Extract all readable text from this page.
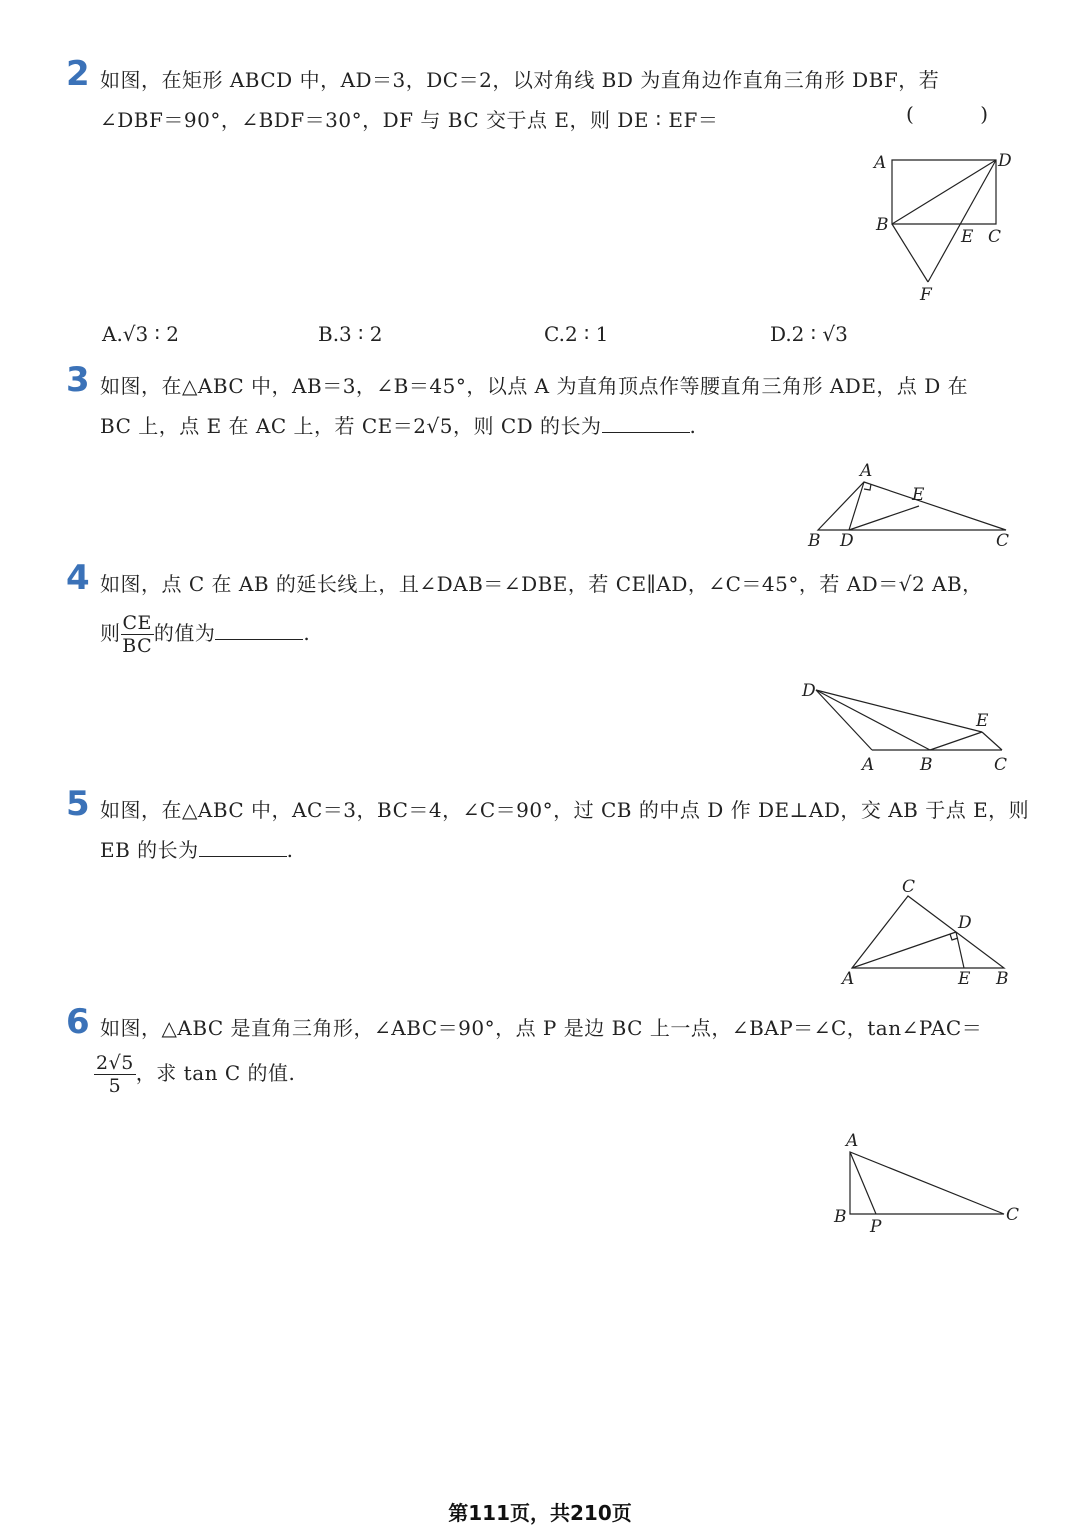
2 如图，在矩形 ABCD 中，AD＝3，DC＝2，以对角线 BD 为直角边作直角三角形 DBF，若
∠DBF＝90°，∠BDF＝30°，DF 与 BC 交于点 E，则 DE ∶ EF＝	( )
A	D
B
E C
F
A.√3 ∶ 2	B.3 ∶ 2	C.2 ∶ 1	D.2 ∶ √3
3 如图，在△ABC 中，AB＝3，∠B＝45°，以点 A 为直角顶点作等腰直角三角形 ADE，点 D 在
BC 上，点 E 在 AC 上，若 CE＝2√5，则 CD 的长为	.
A
E
B D	C
4 如图，点 C 在 AB 的延长线上，且∠DAB＝∠DBE，若 CE∥AD，∠C＝45°，若 AD＝√2 AB，
则 $\frac{CE}{BC}$ 的值为	.
D
E
A	B	C
5 如图，在△ABC 中，AC＝3，BC＝4，∠C＝90°，过 CB 的中点 D 作 DE⊥AD，交 AB 于点 E，则
EB 的长为	.
C
D
A	E B
6 如图，△ABC 是直角三角形，∠ABC＝90°，点 P 是边 BC 上一点，∠BAP＝∠C，tan∠PAC＝
$\frac{2√5}{5}$ ，求 tan C 的值.
A
B P
C
第111页，共210页
